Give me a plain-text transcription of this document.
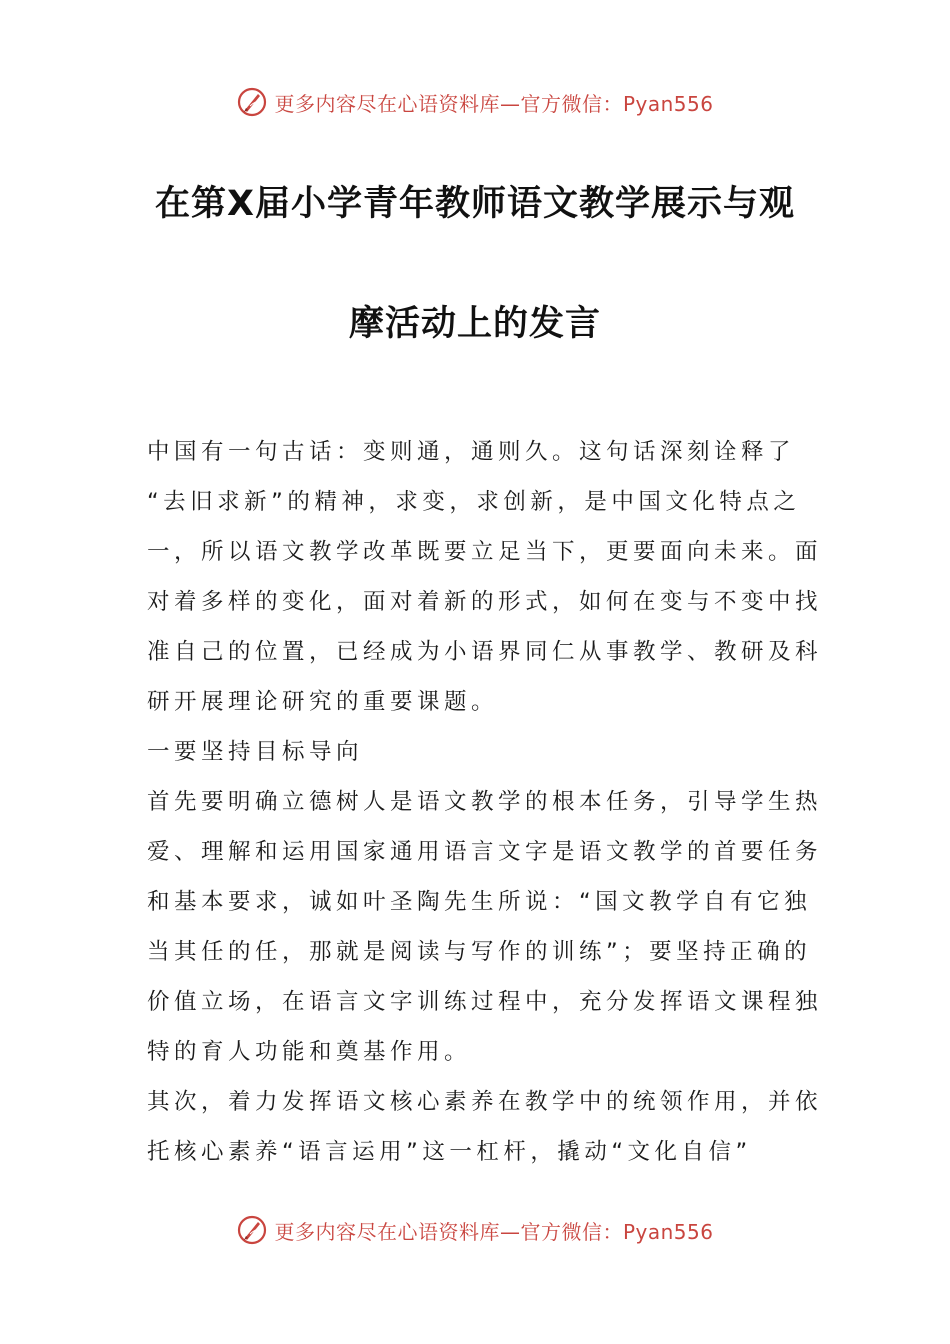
更多内容尽在心语资料库—官方微信：Pyan556
在第X届小学青年教师语文教学展示与观
摩活动上的发言
中国有一句古话：变则通，通则久。这句话深刻诠释了
“去旧求新”的精神，求变，求创新，是中国文化特点之
一，所以语文教学改革既要立足当下，更要面向未来。面
对着多样的变化，面对着新的形式，如何在变与不变中找
准自己的位置，已经成为小语界同仁从事教学、教研及科
研开展理论研究的重要课题。
一要坚持目标导向
首先要明确立德树人是语文教学的根本任务，引导学生热
爱、理解和运用国家通用语言文字是语文教学的首要任务
和基本要求，诚如叶圣陶先生所说：“国文教学自有它独
当其任的任，那就是阅读与写作的训练”；要坚持正确的
价值立场，在语言文字训练过程中，充分发挥语文课程独
特的育人功能和奠基作用。
其次，着力发挥语文核心素养在教学中的统领作用，并依
托核心素养“语言运用”这一杠杆，撬动“文化自信”
更多内容尽在心语资料库—官方微信：Pyan556
